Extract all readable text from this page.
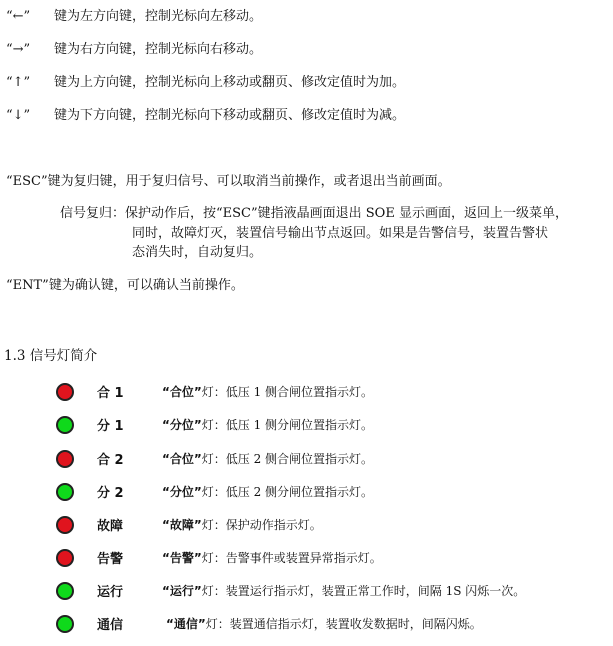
“←” 键为左方向键，控制光标向左移动。
“→” 键为右方向键，控制光标向右移动。
“↑” 键为上方向键，控制光标向上移动或翻页、修改定值时为加。
“↓” 键为下方向键，控制光标向下移动或翻页、修改定值时为减。
“ESC”键为复归键，用于复归信号、可以取消当前操作，或者退出当前画面。
信号复归：保护动作后，按“ESC”键指液晶画面退出 SOE 显示画面，返回上一级菜单，
同时，故障灯灭，装置信号输出节点返回。如果是告警信号，装置告警状
态消失时，自动复归。
“ENT”键为确认键，可以确认当前操作。
1.3 信号灯简介
合 1	“合位”灯：低压 1 侧合闸位置指示灯。
分 1	“分位”灯：低压 1 侧分闸位置指示灯。
合 2	“合位”灯：低压 2 侧合闸位置指示灯。
分 2	“分位”灯：低压 2 侧分闸位置指示灯。
故障	“故障”灯：保护动作指示灯。
告警	“告警”灯：告警事件或装置异常指示灯。
运行	“运行”灯：装置运行指示灯，装置正常工作时，间隔 1S 闪烁一次。
通信	“通信”灯：装置通信指示灯，装置收发数据时，间隔闪烁。
